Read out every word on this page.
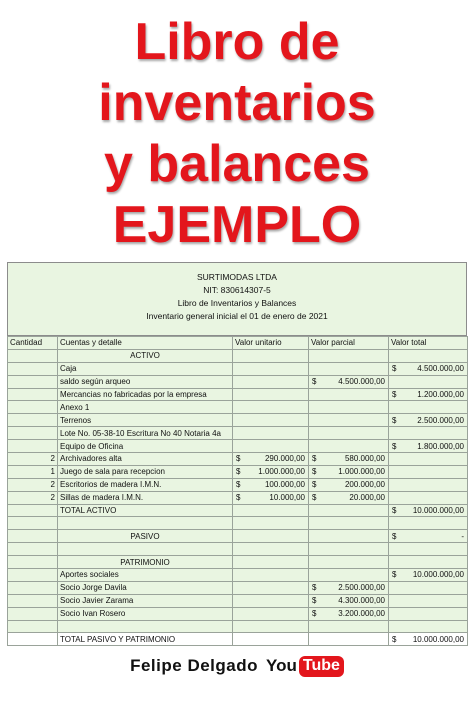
Libro de
inventarios
y balances
EJEMPLO
SURTIMODAS LTDA
NIT: 830614307-5
Libro de Inventarios y Balances
Inventario general inicial el 01 de enero de 2021
Cantidad	Cuentas y detalle	Valor unitario	Valor parcial	Valor total
	ACTIVO			
	Caja			$ 4.500.000,00

	saldo según arqueo		$ 4.500.000,00	

	Mercancias no fabricadas por la empresa			$ 1.200.000,00

	Anexo 1			
	Terrenos			$ 2.500.000,00

	Lote No. 05-38-10 Escritura No 40 Notaria 4a			
	Equipo de Oficina			$ 1.800.000,00

2	Archivadores alta	$ 290.000,00	$ 580.000,00	

1	Juego de sala para recepcion	$ 1.000.000,00	$ 1.000.000,00	

2	Escritorios de madera I.M.N.	$ 100.000,00	$ 200.000,00	

2	Sillas de madera I.M.N.	$ 10.000,00	$ 20.000,00	

	TOTAL ACTIVO			$ 10.000.000,00

	PASIVO			$ -

	PATRIMONIO			
	Aportes sociales			$ 10.000.000,00

	Socio Jorge Davila		$ 2.500.000,00	

	Socio Javier Zarama		$ 4.300.000,00	

	Socio Ivan Rosero		$ 3.200.000,00	

	TOTAL PASIVO Y PATRIMONIO			$ 10.000.000,00
Felipe Delgado You Tube
